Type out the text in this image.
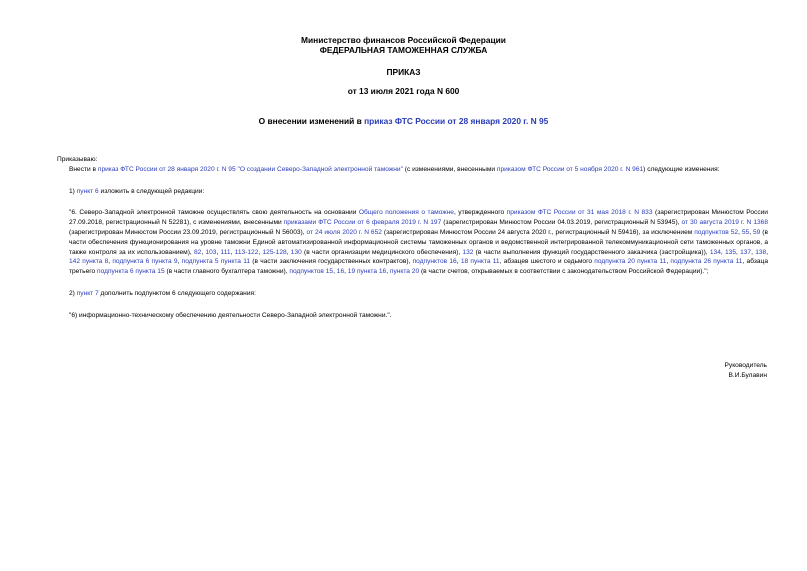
Министерство финансов Российской Федерации
ФЕДЕРАЛЬНАЯ ТАМОЖЕННАЯ СЛУЖБА
ПРИКАЗ
от 13 июля 2021 года N 600
О внесении изменений в приказ ФТС России от 28 января 2020 г. N 95

Приказываю:

Внести в приказ ФТС России от 28 января 2020 г. N 95 "О создании Северо-Западной электронной таможни" (с изменениями, внесенными приказом ФТС России от 5 ноября 2020 г. N 961) следующие изменения:

1) пункт 6 изложить в следующей редакции:

"6. Северо-Западной электронной таможне осуществлять свою деятельность на основании Общего положения о таможне, утвержденного приказом ФТС России от 31 мая 2018 г. N 833 (зарегистрирован Минюстом России 27.09.2018, регистрационный N 52281), с изменениями, внесенными приказами ФТС России от 6 февраля 2019 г. N 197 (зарегистрирован Минюстом России 04.03.2019, регистрационный N 53945), от 30 августа 2019 г. N 1368 (зарегистрирован Минюстом России 23.09.2019, регистрационный N 56003), от 24 июля 2020 г. N 652 (зарегистрирован Минюстом России 24 августа 2020 г., регистрационный N 59416), за исключением подпунктов 52, 55, 59 (в части обеспечения функционирования на уровне таможни Единой автоматизированной информационной системы таможенных органов и ведомственной интегрированной телекоммуникационной сети таможенных органов, а также контроля за их использованием), 82, 103, 111, 113-122, 125-128, 130 (в части организации медицинского обеспечения), 132 (в части выполнения функций государственного заказчика (застройщика)), 134, 135, 137, 138, 142 пункта 8, подпункта 6 пункта 9, подпункта 5 пункта 11 (в части заключения государственных контрактов), подпунктов 16, 18 пункта 11, абзацев шестого и седьмого подпункта 20 пункта 11, подпункта 26 пункта 11, абзаца третьего подпункта 6 пункта 15 (в части главного бухгалтера таможни), подпунктов 15, 16, 19 пункта 16, пункта 20 (в части счетов, открываемых в соответствии с законодательством Российской Федерации).";

2) пункт 7 дополнить подпунктом 6 следующего содержания:

"6) информационно-техническому обеспечению деятельности Северо-Западной электронной таможни.".

Руководитель
В.И.Булавин
